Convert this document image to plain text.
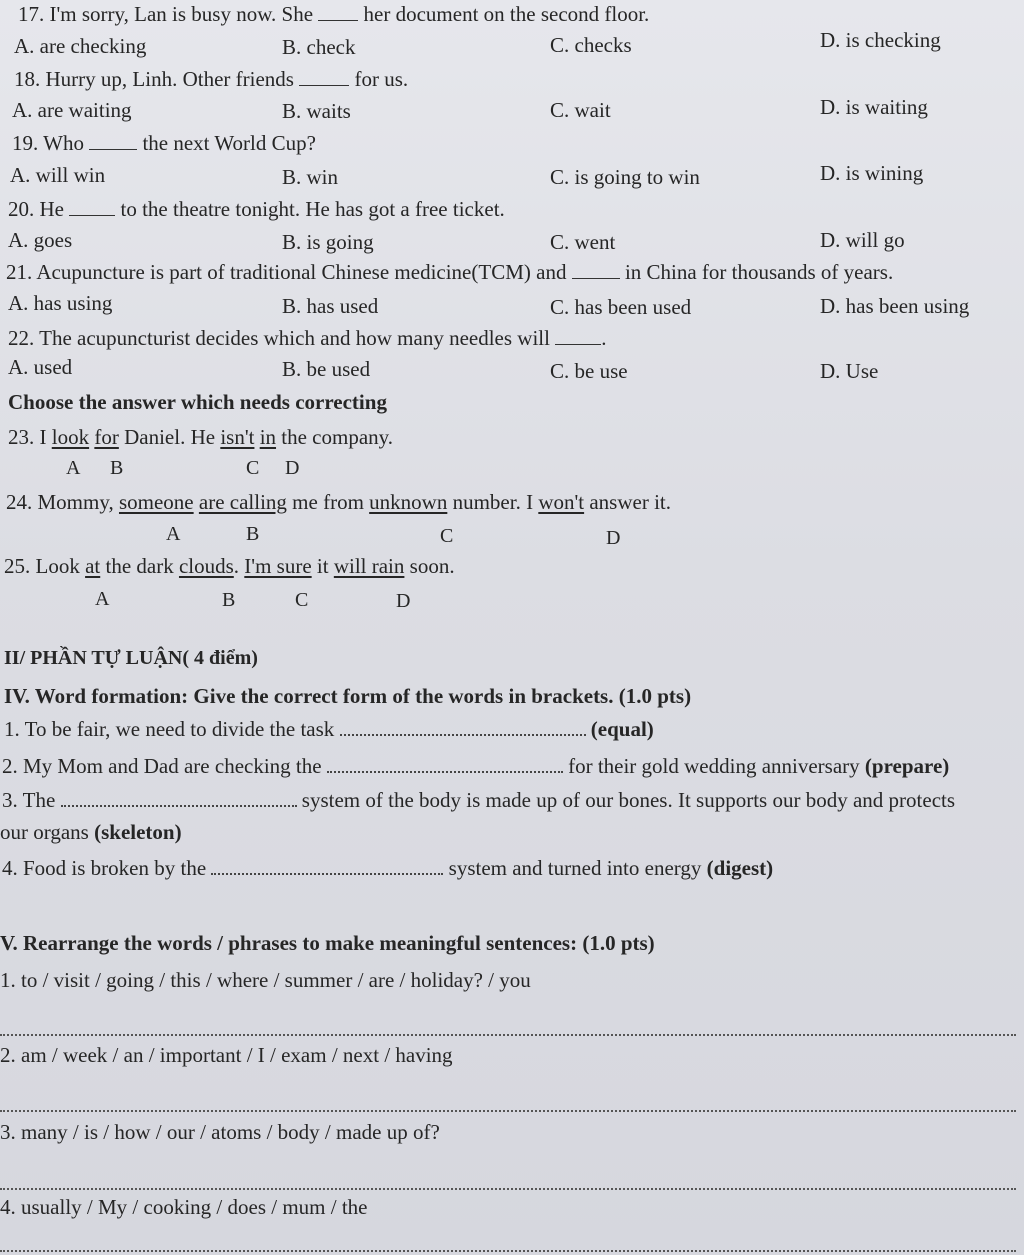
17. I'm sorry, Lan is busy now. She her document on the second floor.
A. are checking	B. check	C. checks	D. is checking
18. Hurry up, Linh. Other friends	for us.
A. are waiting	B. waits	C. wait	D. is waiting
19. Who	the next World Cup?
A. will win	B. win	C. is going to win	D. is wining
20. He	to the theatre tonight. He has got a free ticket.
A. goes	B. is going	C. went	D. will go
21. Acupuncture is part of traditional Chinese medicine(TCM) and	in China for thousands of years.
A. has using	B. has used	C. has been used	D. has been using
22. The acupuncturist decides which and how many needles will .
A. used	B. be used	C. be use	D. Use
Choose the answer which needs correcting
23. I look for Daniel. He isn't in the company.
A B	C D
24. Mommy, someone are calling me from unknown number. I won't answer it.
A	B	C	D
25. Look at the dark clouds. I'm sure it will rain soon.
A	B	C	D
II/ PHẦN TỰ LUẬN( 4 điểm)
IV. Word formation: Give the correct form of the words in brackets. (1.0 pts)
1. To be fair, we need to divide the task	(equal)
2. My Mom and Dad are checking the	for their gold wedding anniversary (prepare)
3. The	system of the body is made up of our bones. It supports our body and protects
our organs (skeleton)
4. Food is broken by the	system and turned into energy (digest)
V. Rearrange the words / phrases to make meaningful sentences: (1.0 pts)
1. to / visit / going / this / where / summer / are / holiday? / you
2. am / week / an / important / I / exam / next / having
3. many / is / how / our / atoms / body / made up of?
4. usually / My / cooking / does / mum / the
